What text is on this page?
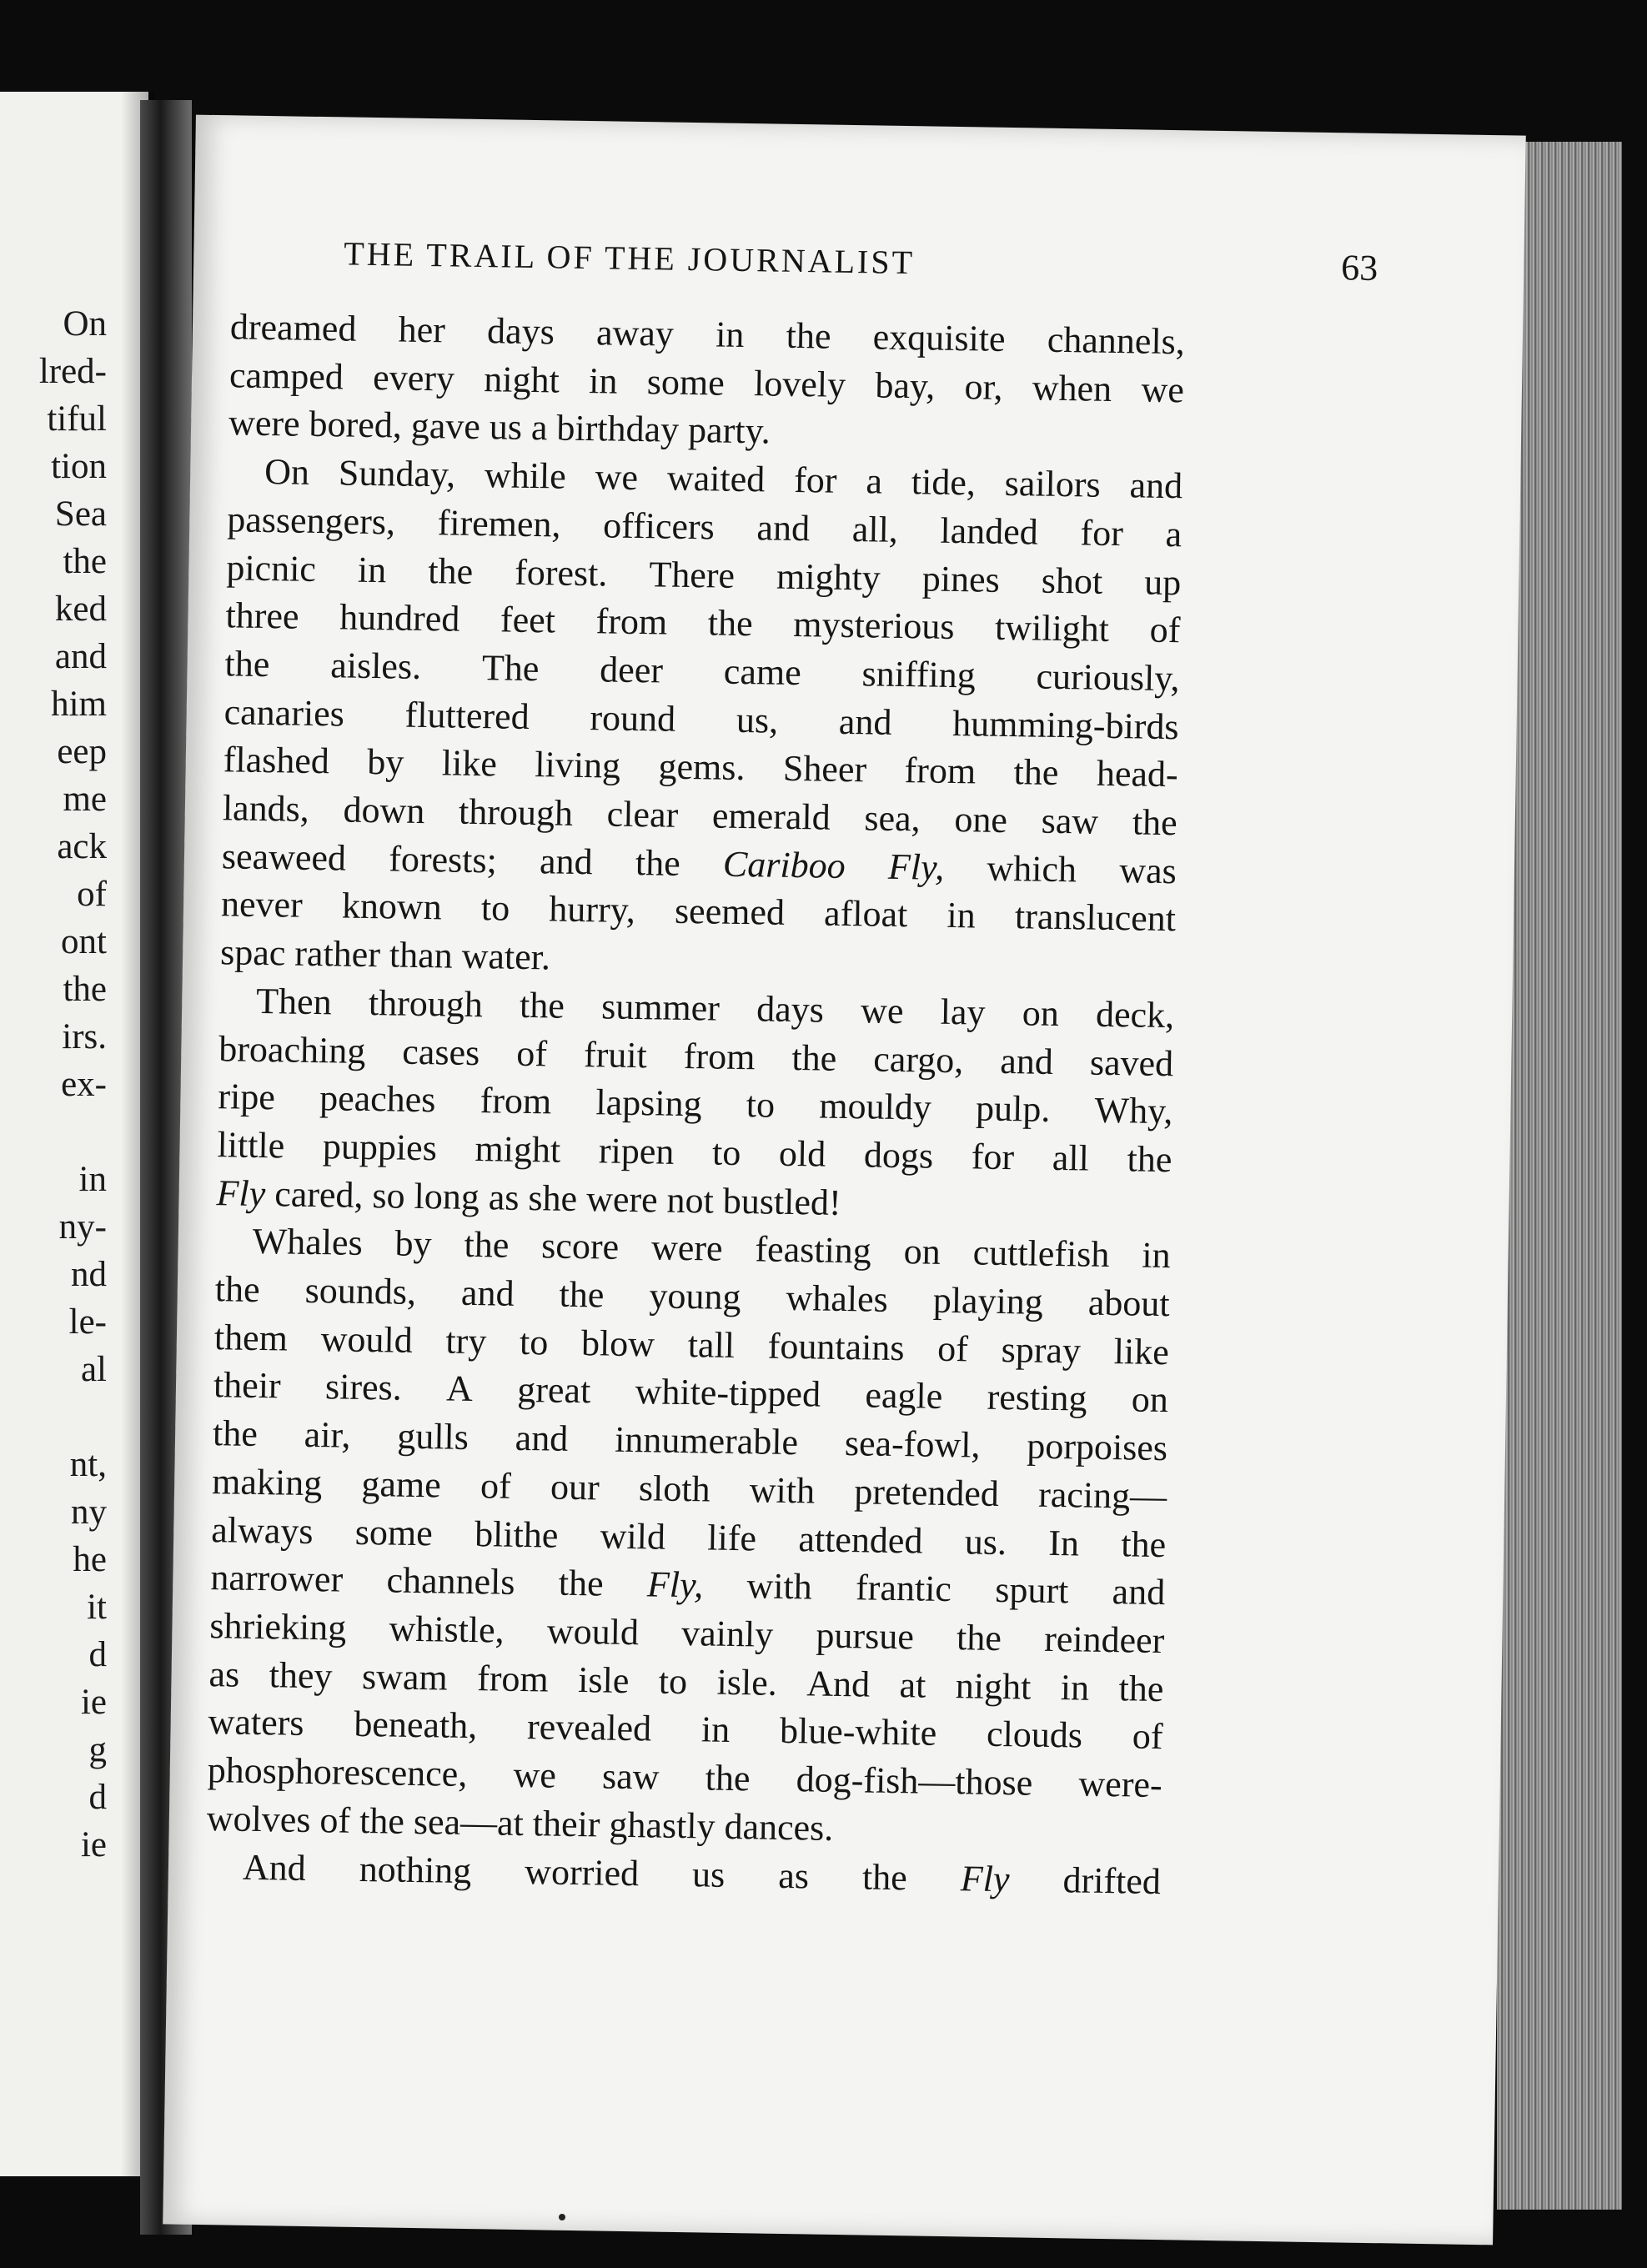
On
lred-
tiful
tion
Sea
the
ked
and
him
eep
me
ack
of
ont
the
irs.
ex-

in
ny-
nd
le-
al

nt,
ny
he
it
d
ie
g
d
ie
THE TRAIL OF THE JOURNALIST	63
dreamed her days away in the exquisite channels,
camped every night in some lovely bay, or, when we
were bored, gave us a birthday party.
On Sunday, while we waited for a tide, sailors and
passengers, firemen, officers and all, landed for a
picnic in the forest. There mighty pines shot up
three hundred feet from the mysterious twilight of
the aisles. The deer came sniffing curiously,
canaries fluttered round us, and humming-birds
flashed by like living gems. Sheer from the head-
lands, down through clear emerald sea, one saw the
seaweed forests; and the Cariboo Fly, which was
never known to hurry, seemed afloat in translucent
spac rather than water.
Then through the summer days we lay on deck,
broaching cases of fruit from the cargo, and saved
ripe peaches from lapsing to mouldy pulp. Why,
little puppies might ripen to old dogs for all the
Fly cared, so long as she were not bustled!
Whales by the score were feasting on cuttlefish in
the sounds, and the young whales playing about
them would try to blow tall fountains of spray like
their sires. A great white-tipped eagle resting on
the air, gulls and innumerable sea-fowl, porpoises
making game of our sloth with pretended racing—
always some blithe wild life attended us. In the
narrower channels the Fly, with frantic spurt and
shrieking whistle, would vainly pursue the reindeer
as they swam from isle to isle. And at night in the
waters beneath, revealed in blue-white clouds of
phosphorescence, we saw the dog-fish—those were-
wolves of the sea—at their ghastly dances.
And nothing worried us as the Fly drifted
